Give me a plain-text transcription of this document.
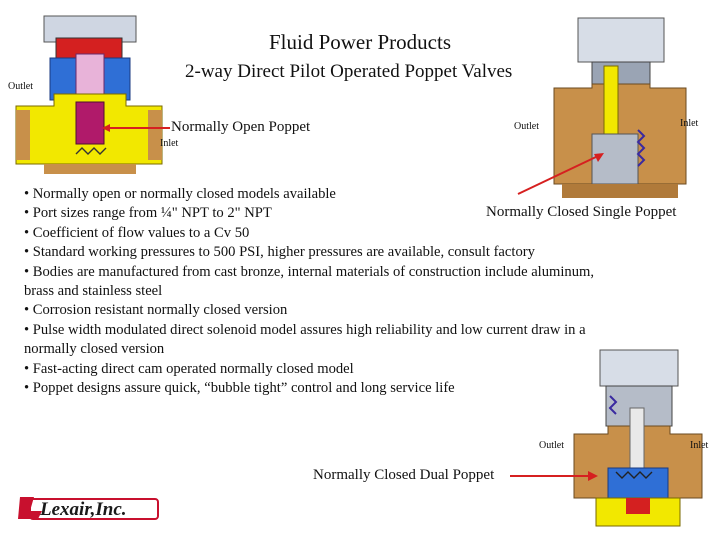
Fluid Power Products
2-way Direct Pilot Operated Poppet Valves
Outlet
Inlet
Normally Open Poppet	Outlet	Inlet
Normally Closed Single Poppet
• Normally open or normally closed models available
• Port sizes range from ¼" NPT to 2" NPT
• Coefficient of flow values to a Cv 50
• Standard working pressures to 500 PSI, higher pressures are available, consult factory
• Bodies are manufactured from cast bronze, internal materials of construction include aluminum,
brass and stainless steel
• Corrosion resistant normally closed version
• Pulse width modulated direct solenoid model assures high reliability and low current draw in a
normally closed version
• Fast-acting direct cam operated normally closed model
• Poppet designs assure quick, “bubble tight” control and long service life
Outlet	Inlet
Normally Closed Dual Poppet
Lexair,Inc.
